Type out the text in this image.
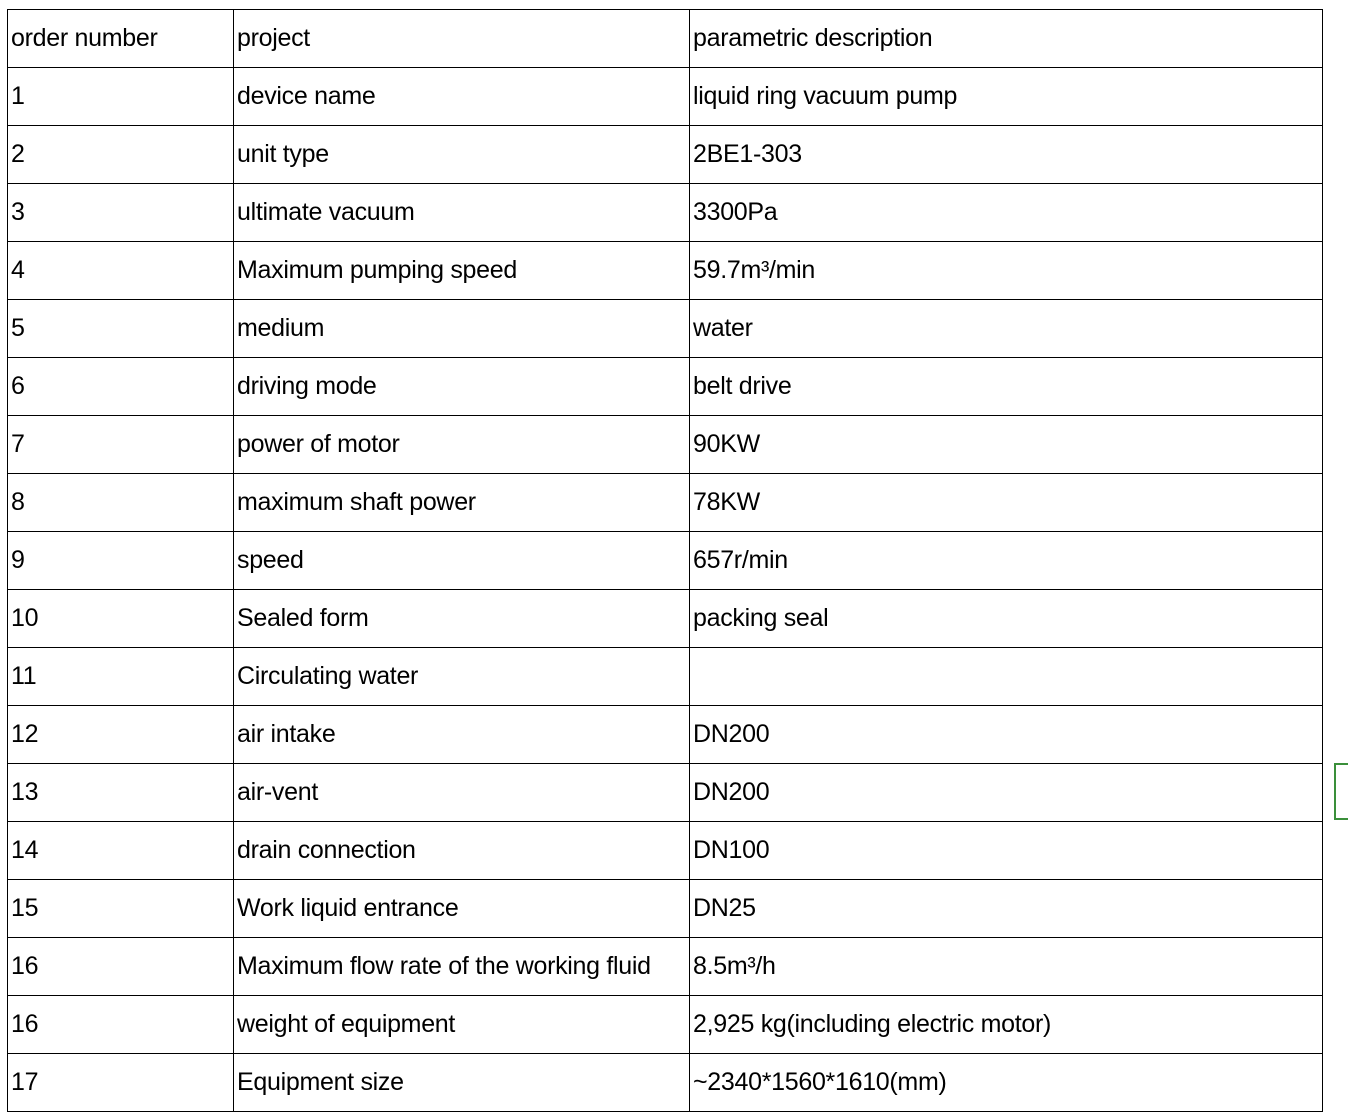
order number	project	parametric description
1	device name	liquid ring vacuum pump
2	unit type	2BE1-303
3	ultimate vacuum	3300Pa
4	Maximum pumping speed	59.7m³/min
5	medium	water
6	driving mode	belt drive
7	power of motor	90KW
8	maximum shaft power	78KW
9	speed	657r/min
10	Sealed form	packing seal
11	Circulating water	
12	air intake	DN200
13	air-vent	DN200
14	drain connection	DN100
15	Work liquid entrance	DN25
16	Maximum flow rate of the working fluid	8.5m³/h
16	weight of equipment	2,925 kg(including electric motor)
17	Equipment size	~2340*1560*1610(mm)
